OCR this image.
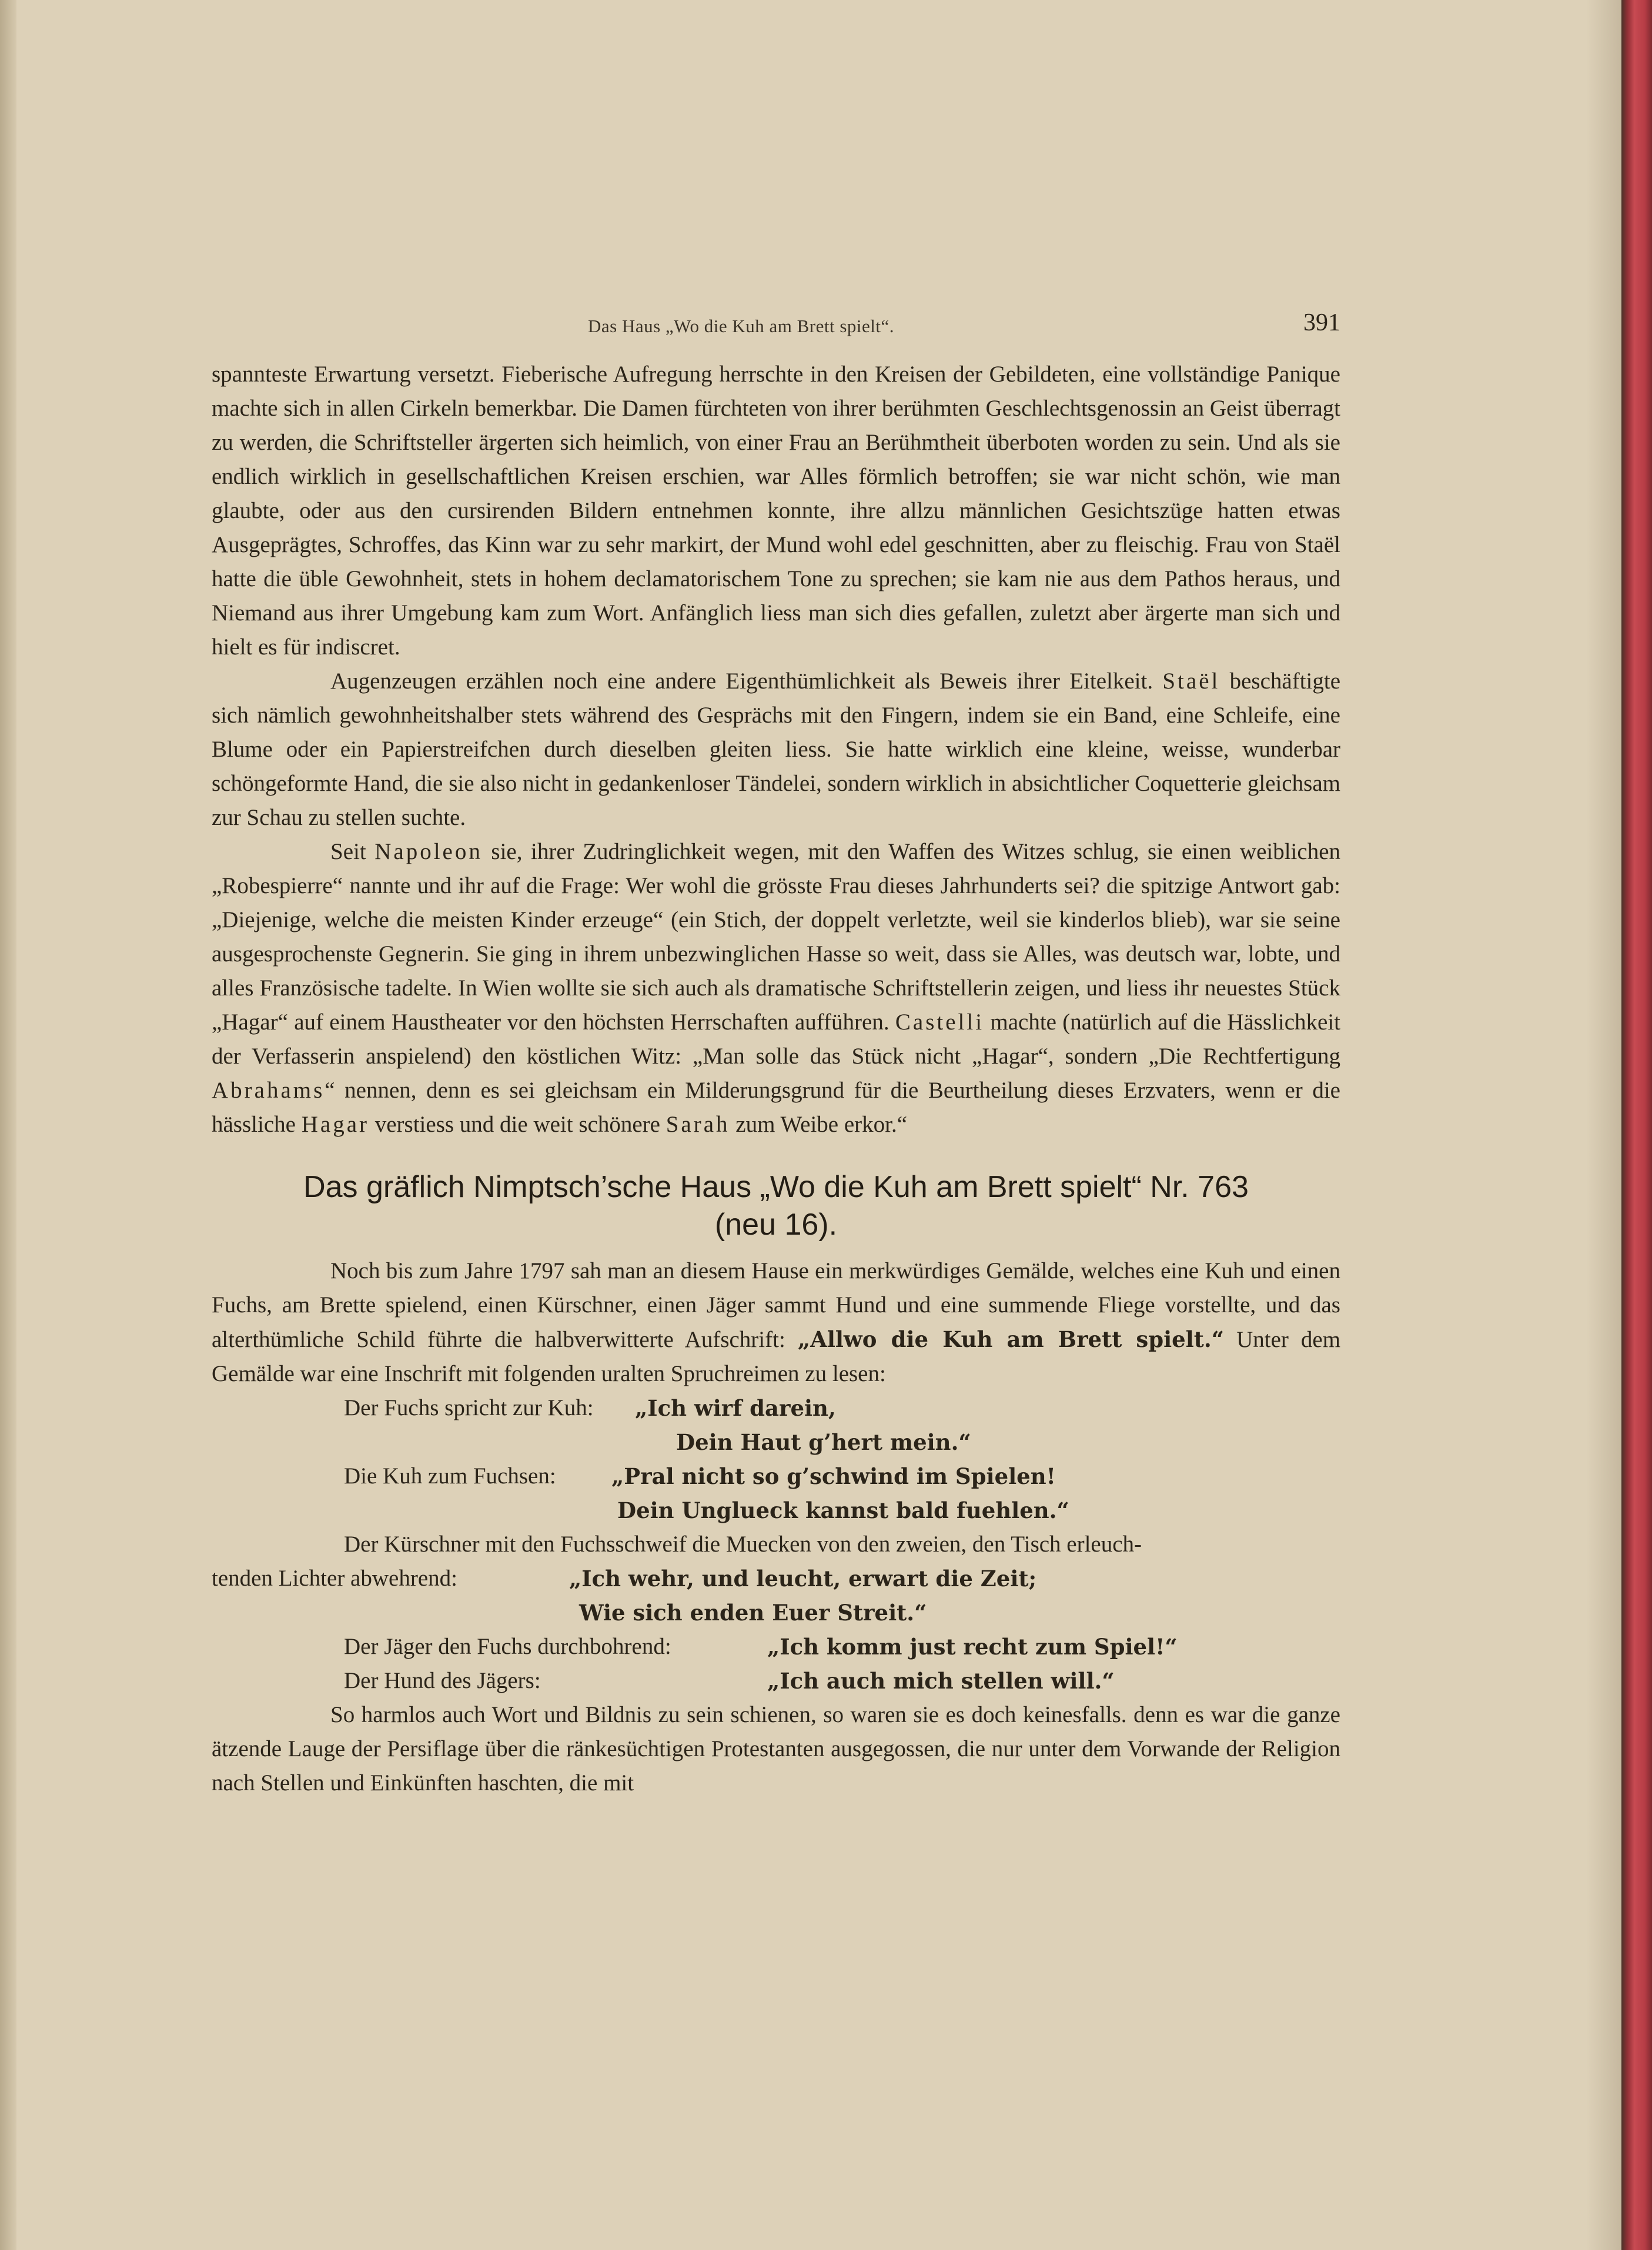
Das Haus „Wo die Kuh am Brett spielt“.	391

spannteste Erwartung versetzt. Fieberische Aufregung herrschte in den Kreisen der Gebildeten, eine vollständige Panique machte sich in allen Cirkeln bemerkbar. Die Damen fürchteten von ihrer berühmten Geschlechtsgenossin an Geist überragt zu werden, die Schriftsteller ärgerten sich heimlich, von einer Frau an Berühmtheit überboten worden zu sein. Und als sie endlich wirklich in gesellschaftlichen Kreisen erschien, war Alles förmlich betroffen; sie war nicht schön, wie man glaubte, oder aus den cursirenden Bildern entnehmen konnte, ihre allzu männlichen Gesichtszüge hatten etwas Ausgeprägtes, Schroffes, das Kinn war zu sehr markirt, der Mund wohl edel geschnitten, aber zu fleischig. Frau von Staël hatte die üble Gewohnheit, stets in hohem declamatorischem Tone zu sprechen; sie kam nie aus dem Pathos heraus, und Niemand aus ihrer Umgebung kam zum Wort. Anfänglich liess man sich dies gefallen, zuletzt aber ärgerte man sich und hielt es für indiscret.

Augenzeugen erzählen noch eine andere Eigenthümlichkeit als Beweis ihrer Eitelkeit. Staël beschäftigte sich nämlich gewohnheitshalber stets während des Gesprächs mit den Fingern, indem sie ein Band, eine Schleife, eine Blume oder ein Papierstreifchen durch dieselben gleiten liess. Sie hatte wirklich eine kleine, weisse, wunderbar schöngeformte Hand, die sie also nicht in gedankenloser Tändelei, sondern wirklich in absichtlicher Coquetterie gleichsam zur Schau zu stellen suchte.

Seit Napoleon sie, ihrer Zudringlichkeit wegen, mit den Waffen des Witzes schlug, sie einen weiblichen „Robespierre“ nannte und ihr auf die Frage: Wer wohl die grösste Frau dieses Jahrhunderts sei? die spitzige Antwort gab: „Diejenige, welche die meisten Kinder erzeuge“ (ein Stich, der doppelt verletzte, weil sie kinderlos blieb), war sie seine ausgesprochenste Gegnerin. Sie ging in ihrem unbezwinglichen Hasse so weit, dass sie Alles, was deutsch war, lobte, und alles Französische tadelte. In Wien wollte sie sich auch als dramatische Schriftstellerin zeigen, und liess ihr neuestes Stück „Hagar“ auf einem Haustheater vor den höchsten Herrschaften aufführen. Castelli machte (natürlich auf die Hässlichkeit der Verfasserin anspielend) den köstlichen Witz: „Man solle das Stück nicht „Hagar“, sondern „Die Rechtfertigung Abrahams“ nennen, denn es sei gleichsam ein Milderungsgrund für die Beurtheilung dieses Erzvaters, wenn er die hässliche Hagar verstiess und die weit schönere Sarah zum Weibe erkor.“

Das gräflich Nimptsch’sche Haus „Wo die Kuh am Brett spielt“ Nr. 763
(neu 16).

Noch bis zum Jahre 1797 sah man an diesem Hause ein merkwürdiges Gemälde, welches eine Kuh und einen Fuchs, am Brette spielend, einen Kürschner, einen Jäger sammt Hund und eine summende Fliege vorstellte, und das alterthümliche Schild führte die halbverwitterte Aufschrift: „Allwo die Kuh am Brett spielt.“ Unter dem Gemälde war eine Inschrift mit folgenden uralten Spruchreimen zu lesen:

Der Fuchs spricht zur Kuh: „Ich wirf darein,
Dein Haut g’hert mein.“
Die Kuh zum Fuchsen:	„Pral nicht so g’schwind im Spielen!
Dein Unglueck kannst bald fuehlen.“
Der Kürschner mit den Fuchsschweif die Muecken von den zweien, den Tisch erleuch-
tenden Lichter abwehrend:	„Ich wehr, und leucht, erwart die Zeit;
Wie sich enden Euer Streit.“
Der Jäger den Fuchs durchbohrend:	„Ich komm just recht zum Spiel!“
Der Hund des Jägers:	„Ich auch mich stellen will.“

So harmlos auch Wort und Bildnis zu sein schienen, so waren sie es doch keinesfalls. denn es war die ganze ätzende Lauge der Persiflage über die ränkesüchtigen Protestanten ausgegossen, die nur unter dem Vorwande der Religion nach Stellen und Einkünften haschten, die mit
